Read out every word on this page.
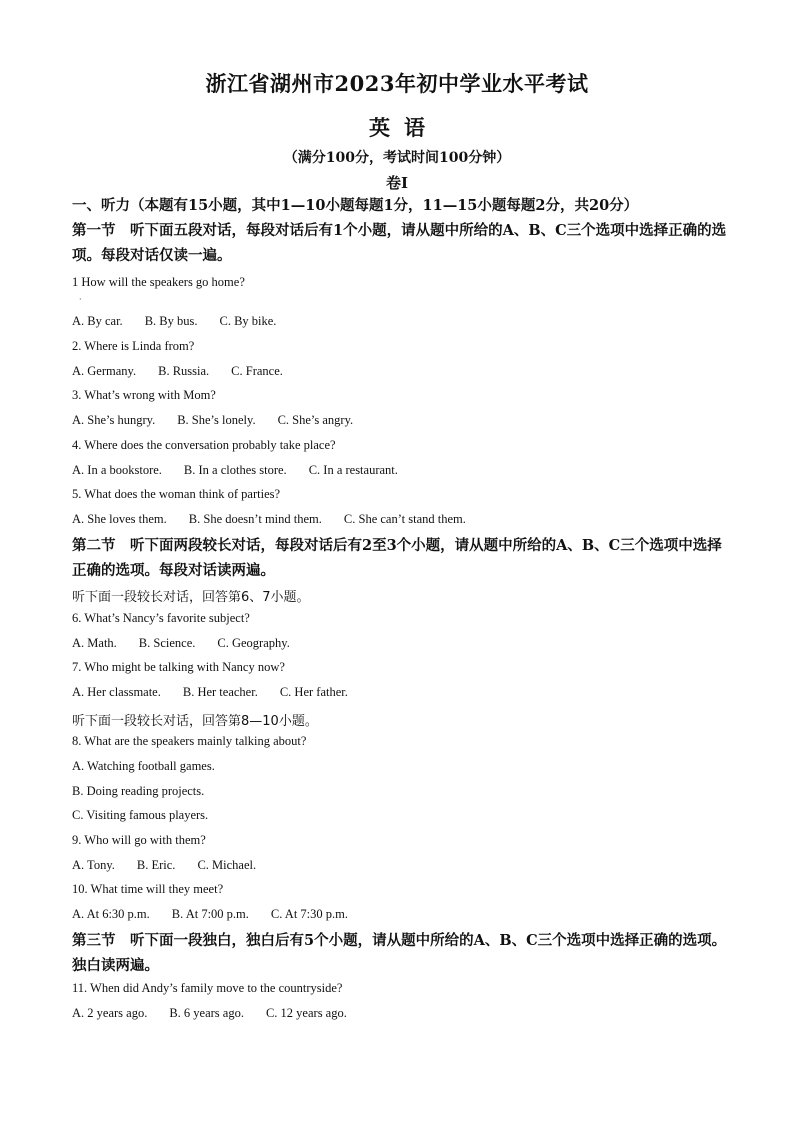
浙江省湖州市2023年初中学业水平考试
英语
（满分100分，考试时间100分钟）
卷I
一、听力（本题有15小题，其中1—10小题每题1分，11—15小题每题2分，共20分）
第一节　听下面五段对话，每段对话后有1个小题，请从题中所给的A、B、C三个选项中选择正确的选项。每段对话仅读一遍。
1 How will the speakers go home?
·
A. By car. B. By bus. C. By bike.
2. Where is Linda from?
A. Germany. B. Russia. C. France.
3. What’s wrong with Mom?
A. She’s hungry. B. She’s lonely. C. She’s angry.
4. Where does the conversation probably take place?
A. In a bookstore. B. In a clothes store. C. In a restaurant.
5. What does the woman think of parties?
A. She loves them. B. She doesn’t mind them. C. She can’t stand them.
第二节　听下面两段较长对话，每段对话后有2至3个小题，请从题中所给的A、B、C三个选项中选择正确的选项。每段对话读两遍。
听下面一段较长对话，回答第6、7小题。
6. What’s Nancy’s favorite subject?
A. Math. B. Science. C. Geography.
7. Who might be talking with Nancy now?
A. Her classmate. B. Her teacher. C. Her father.
听下面一段较长对话，回答第8—10小题。
8. What are the speakers mainly talking about?
A. Watching football games.
B. Doing reading projects.
C. Visiting famous players.
9. Who will go with them?
A. Tony. B. Eric. C. Michael.
10. What time will they meet?
A. At 6:30 p.m. B. At 7:00 p.m. C. At 7:30 p.m.
第三节　听下面一段独白，独白后有5个小题，请从题中所给的A、B、C三个选项中选择正确的选项。独白读两遍。
11. When did Andy’s family move to the countryside?
A. 2 years ago. B. 6 years ago. C. 12 years ago.
